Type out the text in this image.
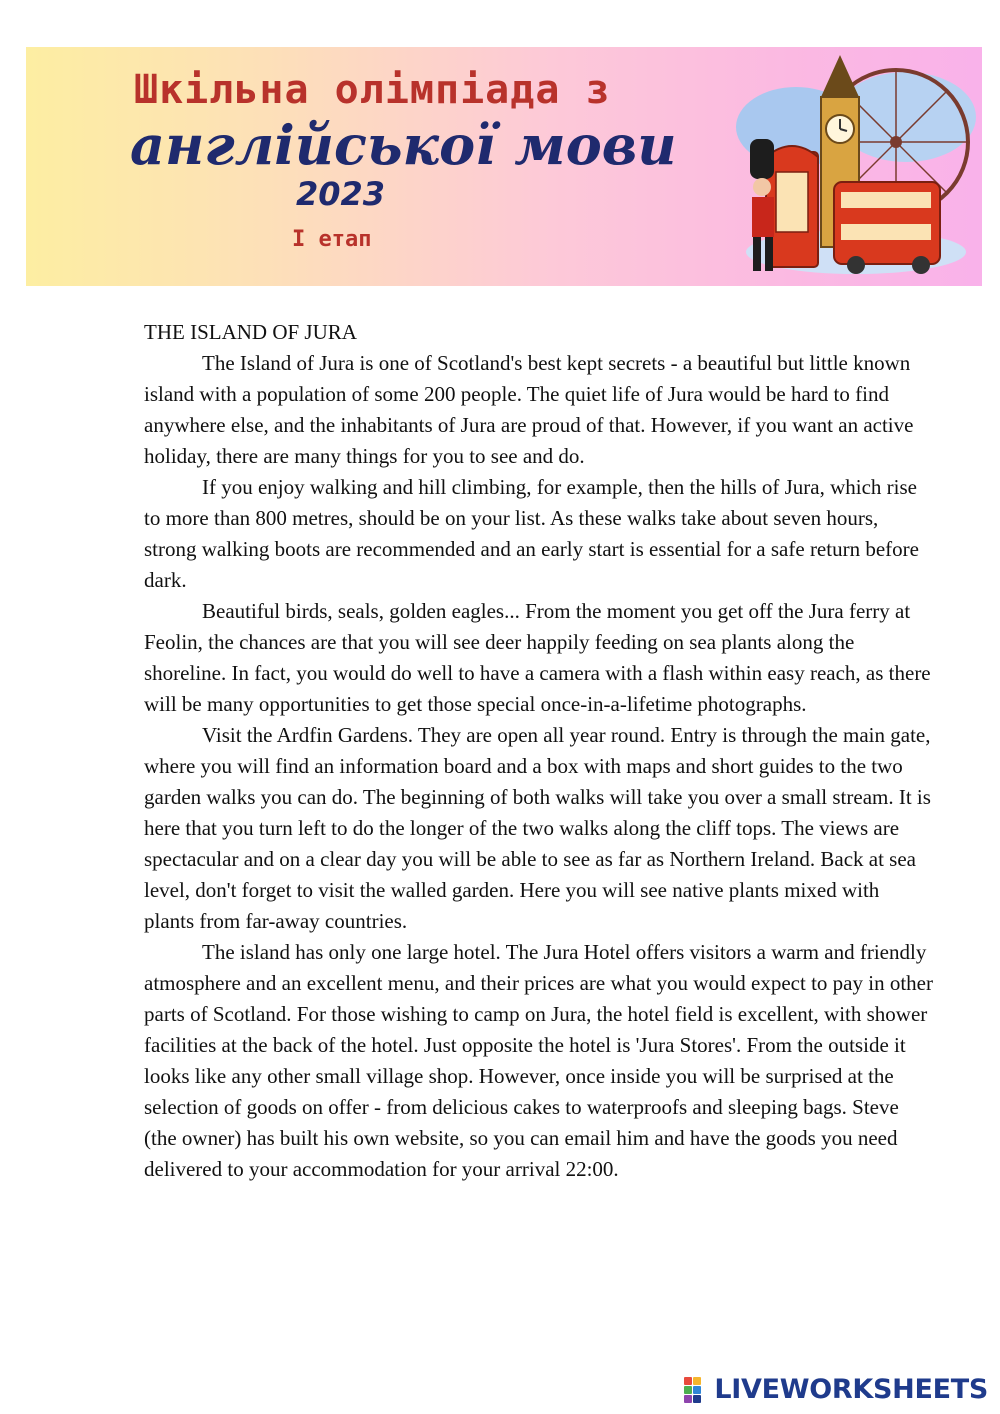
Шкільна олімпіада з
англійської мови
2023
I етап

THE ISLAND OF JURA

The Island of Jura is one of Scotland's best kept secrets - a beautiful but little known island with a population of some 200 people. The quiet life of Jura would be hard to find anywhere else, and the inhabitants of Jura are proud of that. However, if you want an active holiday, there are many things for you to see and do.

If you enjoy walking and hill climbing, for example, then the hills of Jura, which rise to more than 800 metres, should be on your list. As these walks take about seven hours, strong walking boots are recommended and an early start is essential for a safe return before dark.

Beautiful birds, seals, golden eagles... From the moment you get off the Jura ferry at Feolin, the chances are that you will see deer happily feeding on sea plants along the shoreline. In fact, you would do well to have a camera with a flash within easy reach, as there will be many opportunities to get those special once-in-a-lifetime photographs.

Visit the Ardfin Gardens. They are open all year round. Entry is through the main gate, where you will find an information board and a box with maps and short guides to the two garden walks you can do. The beginning of both walks will take you over a small stream. It is here that you turn left to do the longer of the two walks along the cliff tops. The views are spectacular and on a clear day you will be able to see as far as Northern Ireland. Back at sea level, don't forget to visit the walled garden. Here you will see native plants mixed with plants from far-away countries.

The island has only one large hotel. The Jura Hotel offers visitors a warm and friendly atmosphere and an excellent menu, and their prices are what you would expect to pay in other parts of Scotland. For those wishing to camp on Jura, the hotel field is excellent, with shower facilities at the back of the hotel. Just opposite the hotel is 'Jura Stores'. From the outside it looks like any other small village shop. However, once inside you will be surprised at the selection of goods on offer - from delicious cakes to waterproofs and sleeping bags. Steve (the owner) has built his own website, so you can email him and have the goods you need delivered to your accommodation for your arrival 22:00.

LIVEWORKSHEETS
